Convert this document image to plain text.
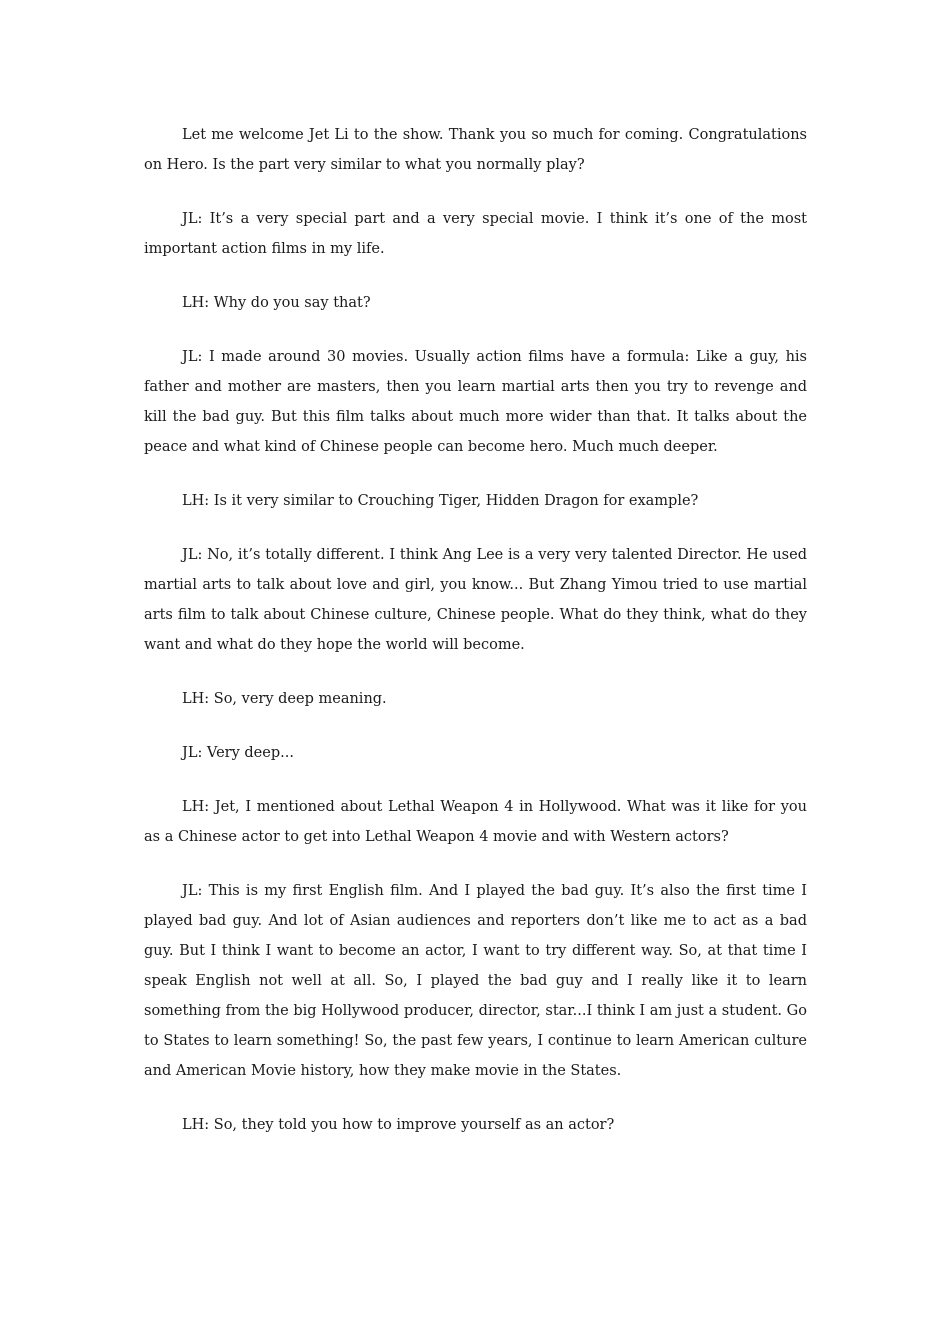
Let me welcome Jet Li to the show. Thank you so much for coming. Congratulations on Hero. Is the part very similar to what you normally play?

JL: It’s a very special part and a very special movie. I think it’s one of the most important action films in my life.

LH: Why do you say that?

JL: I made around 30 movies. Usually action films have a formula: Like a guy, his father and mother are masters, then you learn martial arts then you try to revenge and kill the bad guy. But this film talks about much more wider than that. It talks about the peace and what kind of Chinese people can become hero. Much much deeper.

LH: Is it very similar to Crouching Tiger, Hidden Dragon for example?

JL: No, it’s totally different. I think Ang Lee is a very very talented Director. He used martial arts to talk about love and girl, you know... But Zhang Yimou tried to use martial arts film to talk about Chinese culture, Chinese people. What do they think, what do they want and what do they hope the world will become.

LH: So, very deep meaning.

JL: Very deep...

LH: Jet, I mentioned about Lethal Weapon 4 in Hollywood. What was it like for you as a Chinese actor to get into Lethal Weapon 4 movie and with Western actors?

JL: This is my first English film. And I played the bad guy. It’s also the first time I played bad guy. And lot of Asian audiences and reporters don’t like me to act as a bad guy. But I think I want to become an actor, I want to try different way. So, at that time I speak English not well at all. So, I played the bad guy and I really like it to learn something from the big Hollywood producer, director, star...I think I am just a student. Go to States to learn something! So, the past few years, I continue to learn American culture and American Movie history, how they make movie in the States.

LH: So, they told you how to improve yourself as an actor?
